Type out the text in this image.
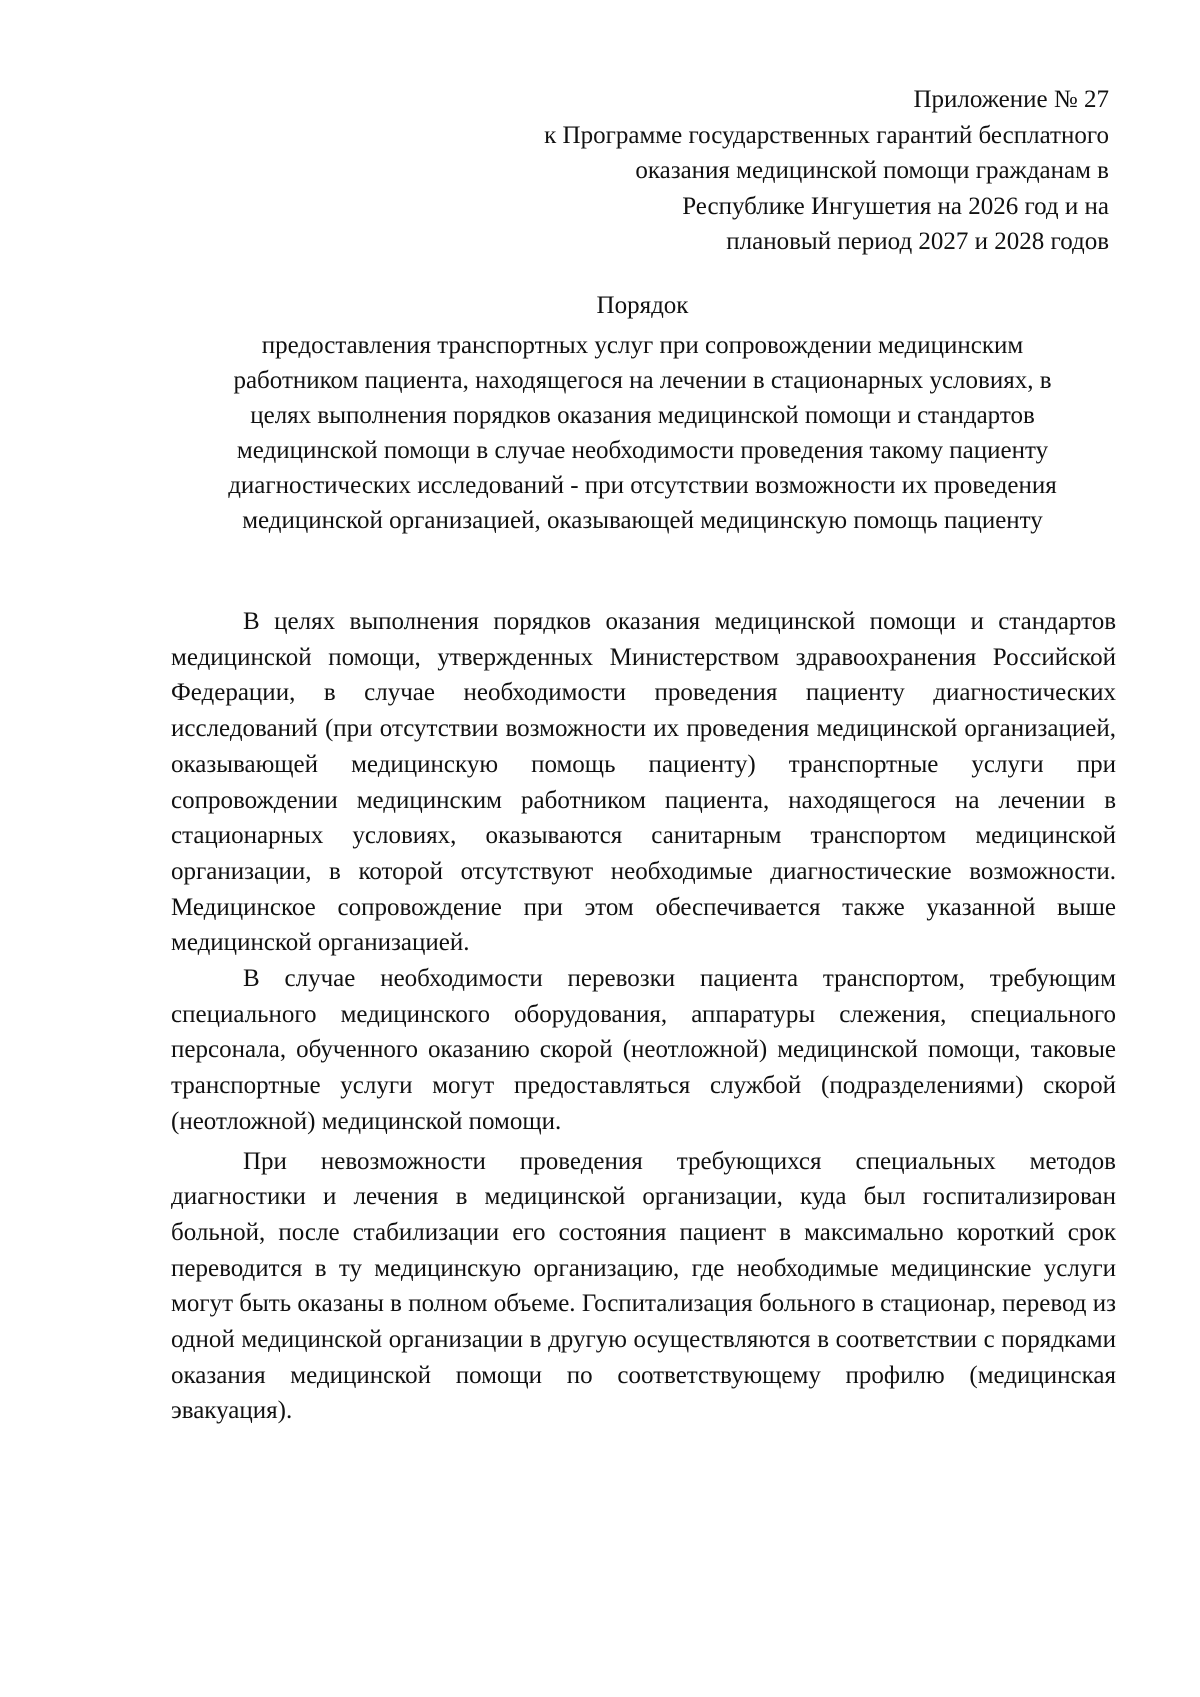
Приложение № 27
к Программе государственных гарантий бесплатного
оказания медицинской помощи гражданам в
Республике Ингушетия на 2026 год и на
плановый период 2027 и 2028 годов
Порядок
предоставления транспортных услуг при сопровождении медицинским
работником пациента, находящегося на лечении в стационарных условиях, в
целях выполнения порядков оказания медицинской помощи и стандартов
медицинской помощи в случае необходимости проведения такому пациенту
диагностических исследований - при отсутствии возможности их проведения
медицинской организацией, оказывающей медицинскую помощь пациенту

В целях выполнения порядков оказания медицинской помощи и стандартов медицинской помощи, утвержденных Министерством здравоохранения Российской Федерации, в случае необходимости проведения пациенту диагностических исследований (при отсутствии возможности их проведения медицинской организацией, оказывающей медицинскую помощь пациенту) транспортные услуги при сопровождении медицинским работником пациента, находящегося на лечении в стационарных условиях, оказываются санитарным транспортом медицинской организации, в которой отсутствуют необходимые диагностические возможности. Медицинское сопровождение при этом обеспечивается также указанной выше медицинской организацией.

В случае необходимости перевозки пациента транспортом, требующим специального медицинского оборудования, аппаратуры слежения, специального персонала, обученного оказанию скорой (неотложной) медицинской помощи, таковые транспортные услуги могут предоставляться службой (подразделениями) скорой (неотложной) медицинской помощи.

При невозможности проведения требующихся специальных методов диагностики и лечения в медицинской организации, куда был госпитализирован больной, после стабилизации его состояния пациент в максимально короткий срок переводится в ту медицинскую организацию, где необходимые медицинские услуги могут быть оказаны в полном объеме. Госпитализация больного в стационар, перевод из одной медицинской организации в другую осуществляются в соответствии с порядками оказания медицинской помощи по соответствующему профилю (медицинская эвакуация).
